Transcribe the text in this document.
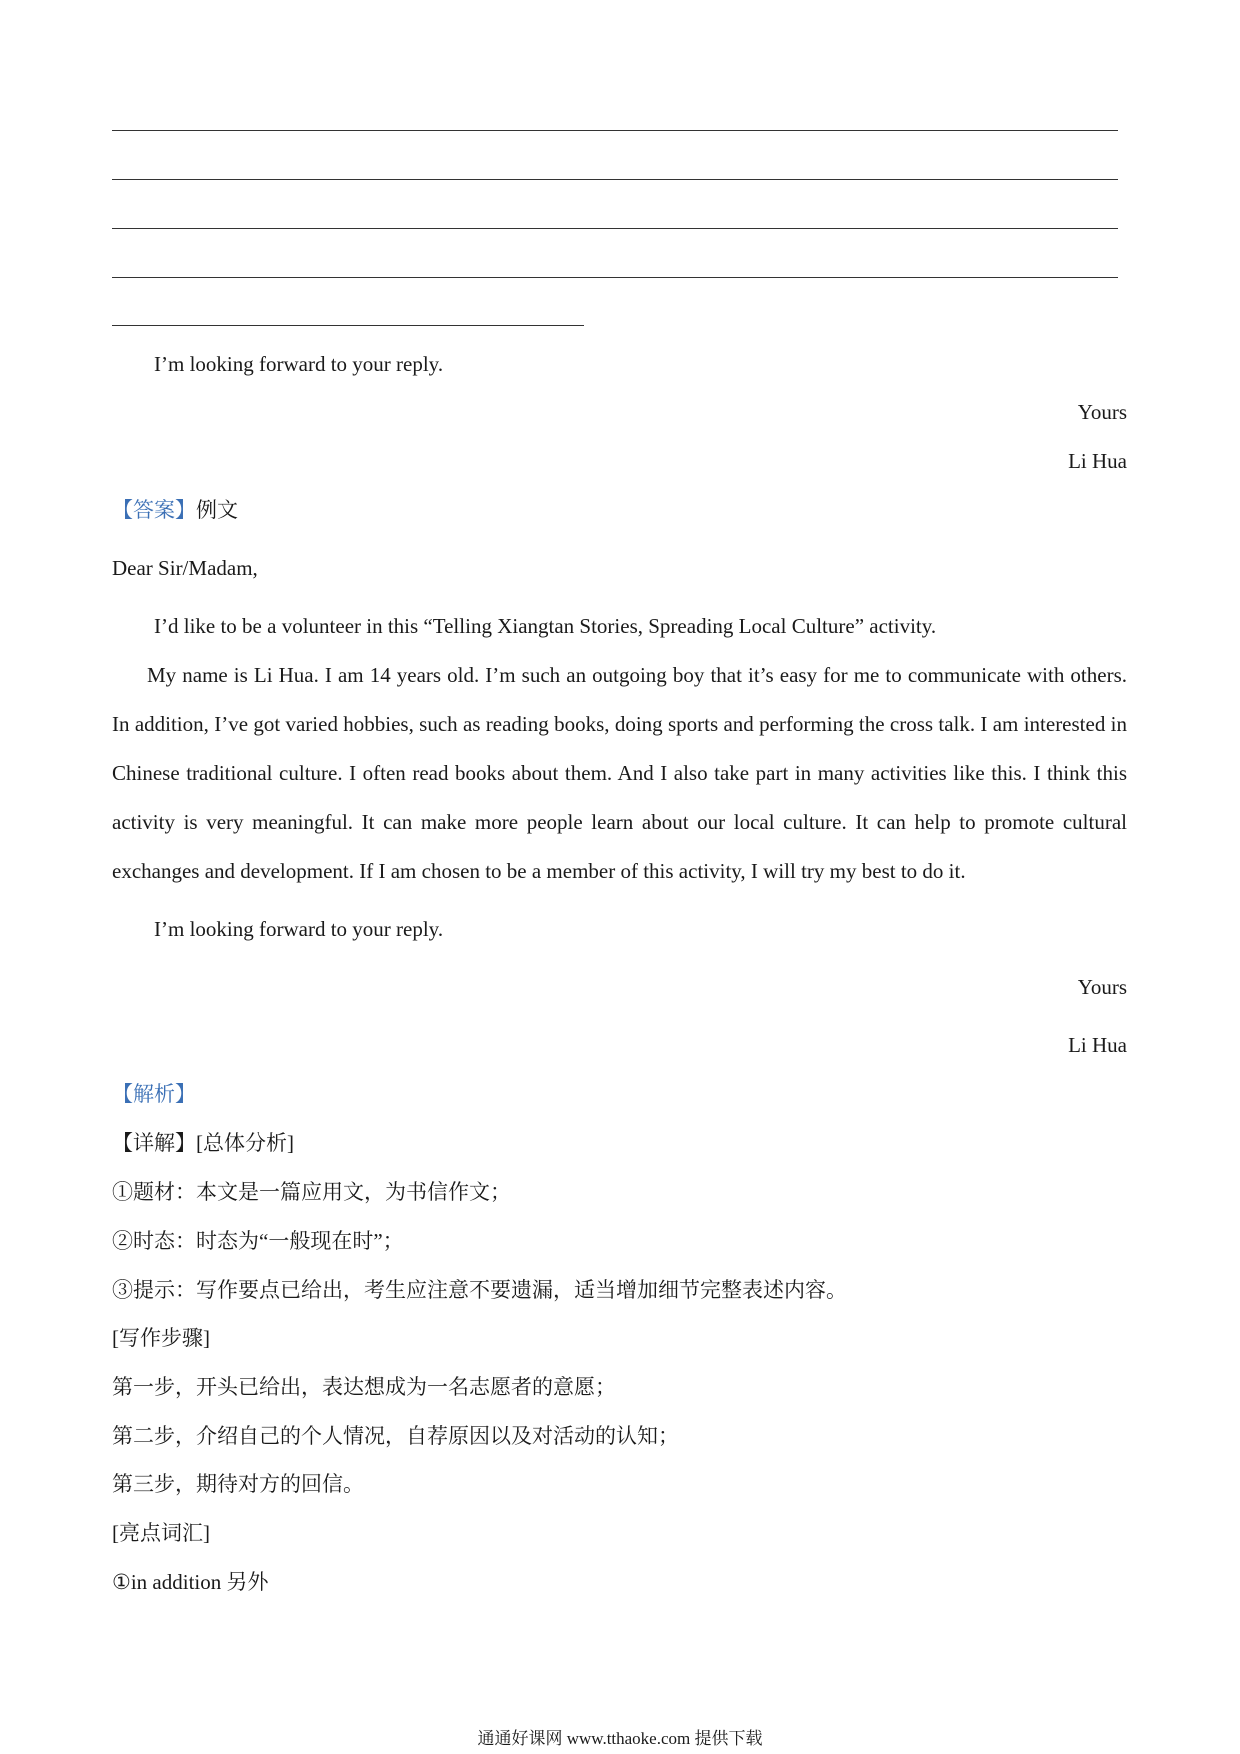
I’m looking forward to your reply.
Yours
Li Hua
【答案】例文
Dear Sir/Madam,
I’d like to be a volunteer in this “Telling Xiangtan Stories, Spreading Local Culture” activity.
My name is Li Hua. I am 14 years old. I’m such an outgoing boy that it’s easy for me to communicate with others. In addition, I’ve got varied hobbies, such as reading books, doing sports and performing the cross talk. I am interested in Chinese traditional culture. I often read books about them. And I also take part in many activities like this. I think this activity is very meaningful. It can make more people learn about our local culture. It can help to promote cultural exchanges and development. If I am chosen to be a member of this activity, I will try my best to do it.
I’m looking forward to your reply.
Yours
Li Hua
【解析】
【详解】[总体分析]
①题材：本文是一篇应用文，为书信作文；
②时态：时态为“一般现在时”；
③提示：写作要点已给出，考生应注意不要遗漏，适当增加细节完整表述内容。
[写作步骤]
第一步，开头已给出，表达想成为一名志愿者的意愿；
第二步，介绍自己的个人情况，自荐原因以及对活动的认知；
第三步，期待对方的回信。
[亮点词汇]
①in addition 另外
通通好课网 www.tthaoke.com 提供下载
